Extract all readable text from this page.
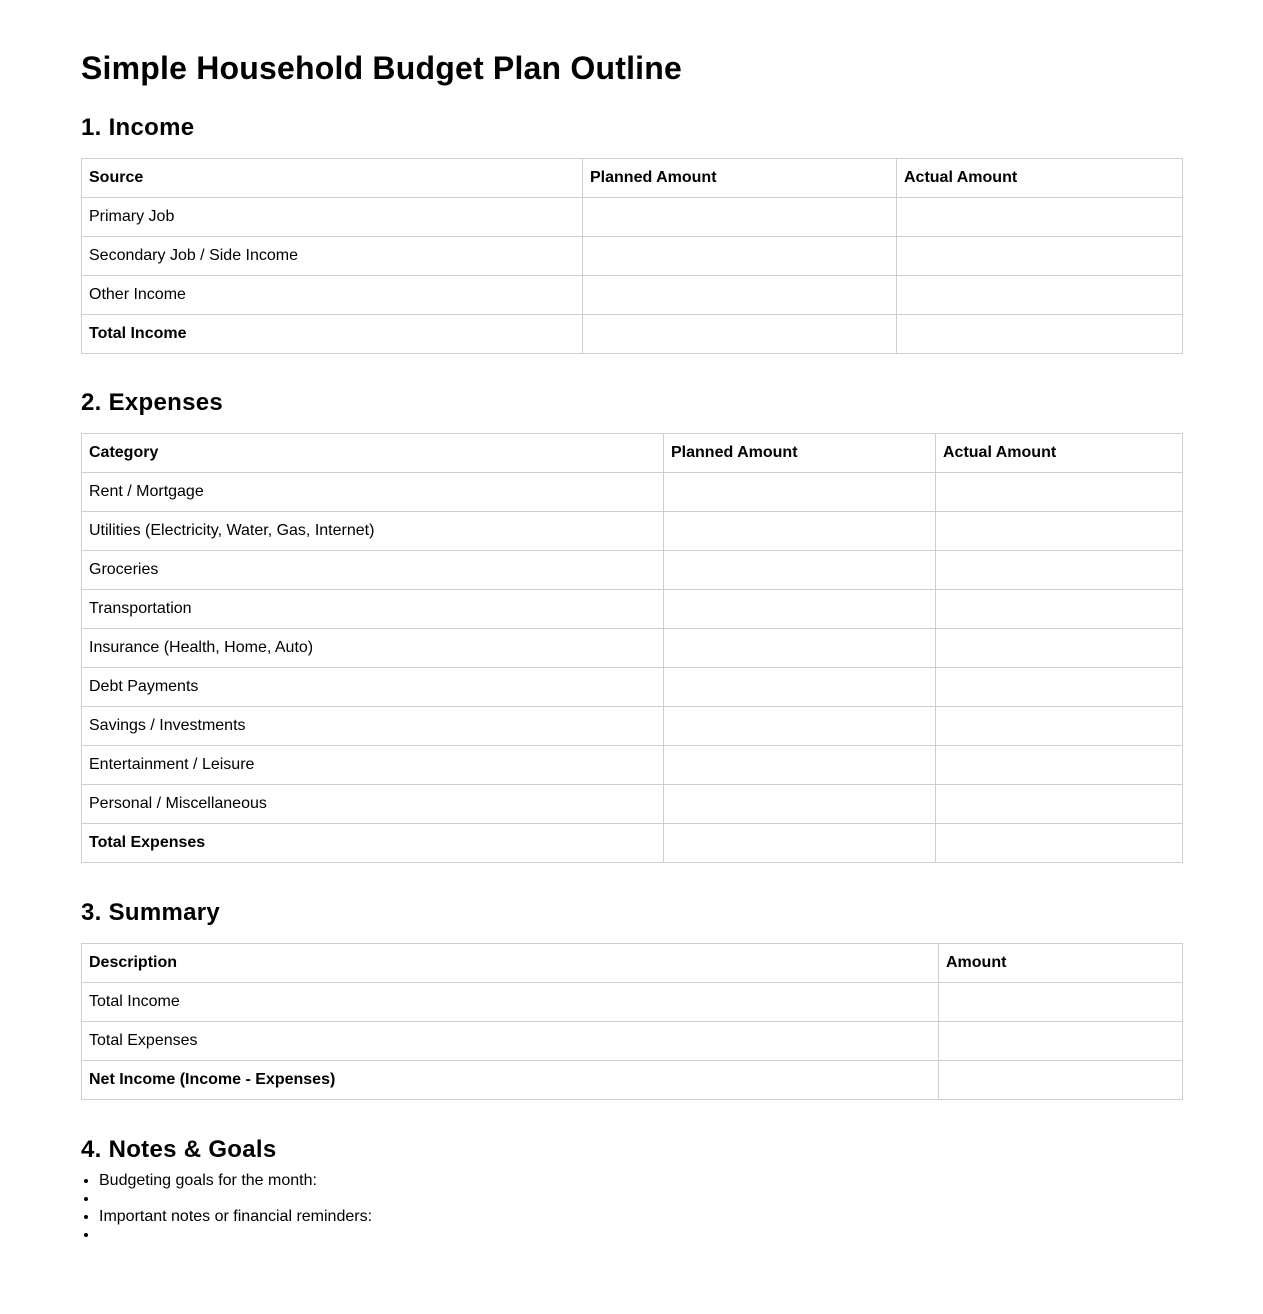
Simple Household Budget Plan Outline
1. Income
Source	Planned Amount	Actual Amount
Primary Job		
Secondary Job / Side Income		
Other Income		
Total Income		
2. Expenses
Category	Planned Amount	Actual Amount
Rent / Mortgage		
Utilities (Electricity, Water, Gas, Internet)		
Groceries		
Transportation		
Insurance (Health, Home, Auto)		
Debt Payments		
Savings / Investments		
Entertainment / Leisure		
Personal / Miscellaneous		
Total Expenses		
3. Summary
Description	Amount
Total Income	
Total Expenses	
Net Income (Income - Expenses)	
4. Notes & Goals
• Budgeting goals for the month:
•
• Important notes or financial reminders:
•
